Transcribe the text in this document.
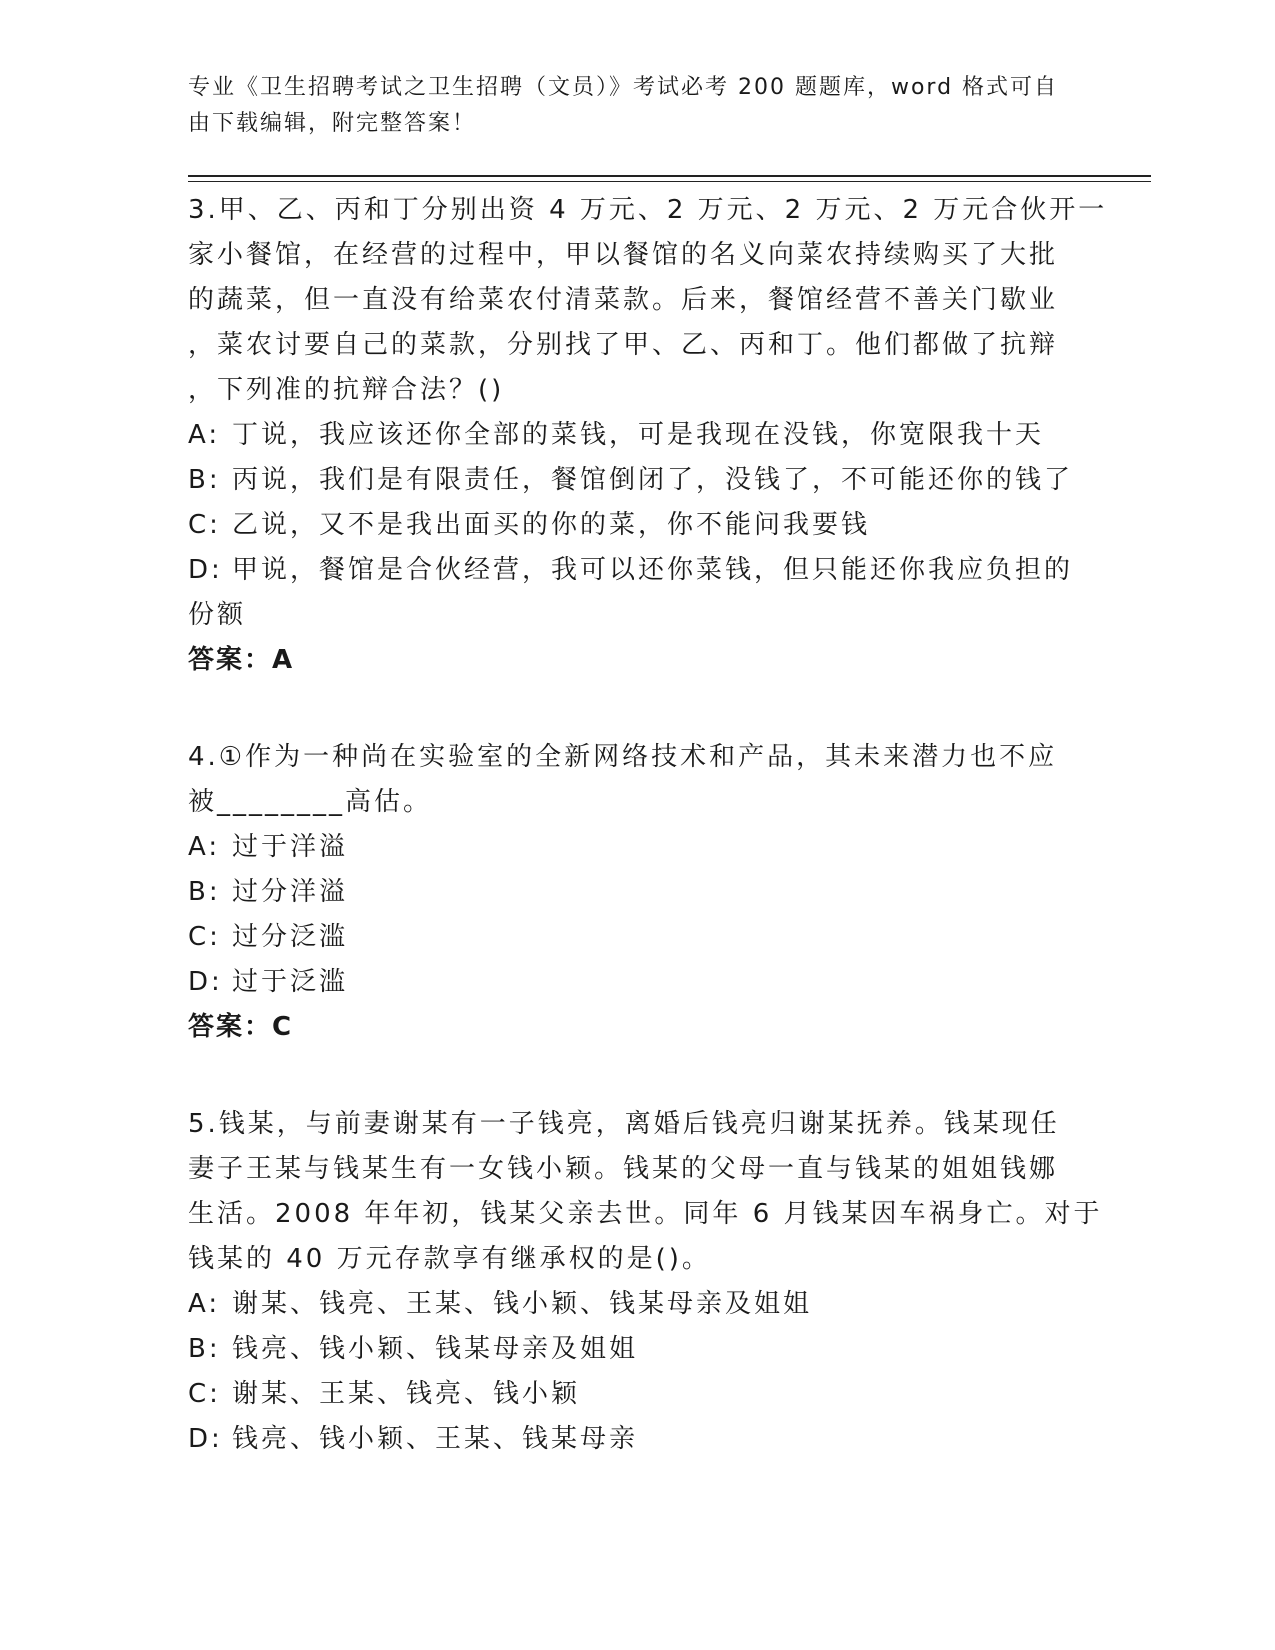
专业《卫生招聘考试之卫生招聘（文员）》考试必考 200 题题库，word 格式可自
由下载编辑，附完整答案！
3.甲、乙、丙和丁分别出资 4 万元、2 万元、2 万元、2 万元合伙开一
家小餐馆，在经营的过程中，甲以餐馆的名义向菜农持续购买了大批
的蔬菜，但一直没有给菜农付清菜款。后来，餐馆经营不善关门歇业
，菜农讨要自己的菜款，分别找了甲、乙、丙和丁。他们都做了抗辩
，下列准的抗辩合法？()
A: 丁说，我应该还你全部的菜钱，可是我现在没钱，你宽限我十天
B: 丙说，我们是有限责任，餐馆倒闭了，没钱了，不可能还你的钱了
C: 乙说，又不是我出面买的你的菜，你不能问我要钱
D: 甲说，餐馆是合伙经营，我可以还你菜钱，但只能还你我应负担的
份额
答案：A
4.①作为一种尚在实验室的全新网络技术和产品，其未来潜力也不应
被________高估。
A: 过于洋溢
B: 过分洋溢
C: 过分泛滥
D: 过于泛滥
答案：C
5.钱某，与前妻谢某有一子钱亮，离婚后钱亮归谢某抚养。钱某现任
妻子王某与钱某生有一女钱小颖。钱某的父母一直与钱某的姐姐钱娜
生活。2008 年年初，钱某父亲去世。同年 6 月钱某因车祸身亡。对于
钱某的 40 万元存款享有继承权的是()。
A: 谢某、钱亮、王某、钱小颖、钱某母亲及姐姐
B: 钱亮、钱小颖、钱某母亲及姐姐
C: 谢某、王某、钱亮、钱小颖
D: 钱亮、钱小颖、王某、钱某母亲
